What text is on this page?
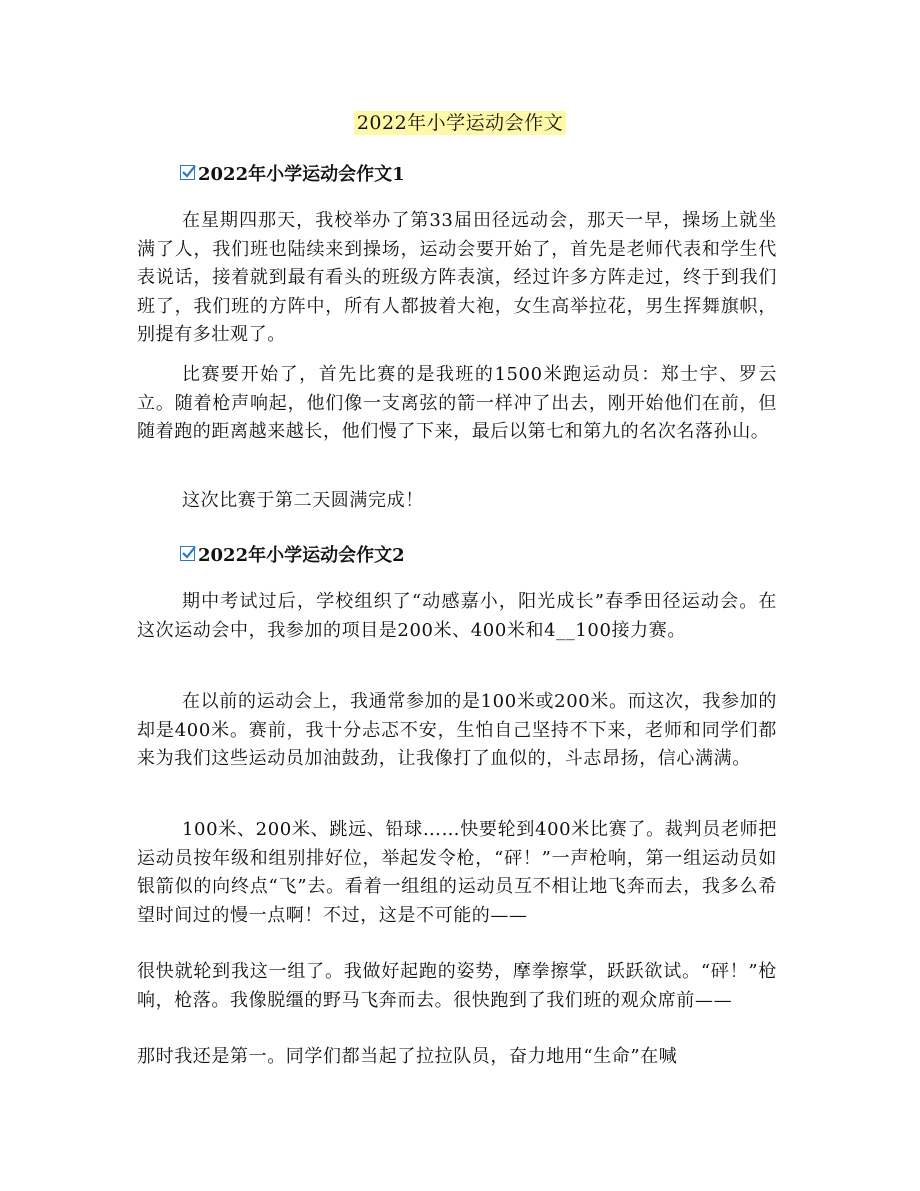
2022年小学运动会作文
2022年小学运动会作文1

在星期四那天，我校举办了第33届田径远动会，那天一早，操场上就坐满了人，我们班也陆续来到操场，运动会要开始了，首先是老师代表和学生代表说话，接着就到最有看头的班级方阵表演，经过许多方阵走过，终于到我们班了，我们班的方阵中，所有人都披着大袍，女生高举拉花，男生挥舞旗帜，别提有多壮观了。

比赛要开始了，首先比赛的是我班的1500米跑运动员：郑士宇、罗云立。随着枪声响起，他们像一支离弦的箭一样冲了出去，刚开始他们在前，但随着跑的距离越来越长，他们慢了下来，最后以第七和第九的名次名落孙山。

这次比赛于第二天圆满完成！

2022年小学运动会作文2

期中考试过后，学校组织了“动感嘉小，阳光成长”春季田径运动会。在这次运动会中，我参加的项目是200米、400米和4__100接力赛。

在以前的运动会上，我通常参加的是100米或200米。而这次，我参加的却是400米。赛前，我十分忐忑不安，生怕自己坚持不下来，老师和同学们都来为我们这些运动员加油鼓劲，让我像打了血似的，斗志昂扬，信心满满。

100米、200米、跳远、铅球……快要轮到400米比赛了。裁判员老师把运动员按年级和组别排好位，举起发令枪，“砰！”一声枪响，第一组运动员如银箭似的向终点“飞”去。看着一组组的运动员互不相让地飞奔而去，我多么希望时间过的慢一点啊！不过，这是不可能的——

很快就轮到我这一组了。我做好起跑的姿势，摩拳擦掌，跃跃欲试。“砰！”枪响，枪落。我像脱缰的野马飞奔而去。很快跑到了我们班的观众席前——

那时我还是第一。同学们都当起了拉拉队员，奋力地用“生命”在喊
